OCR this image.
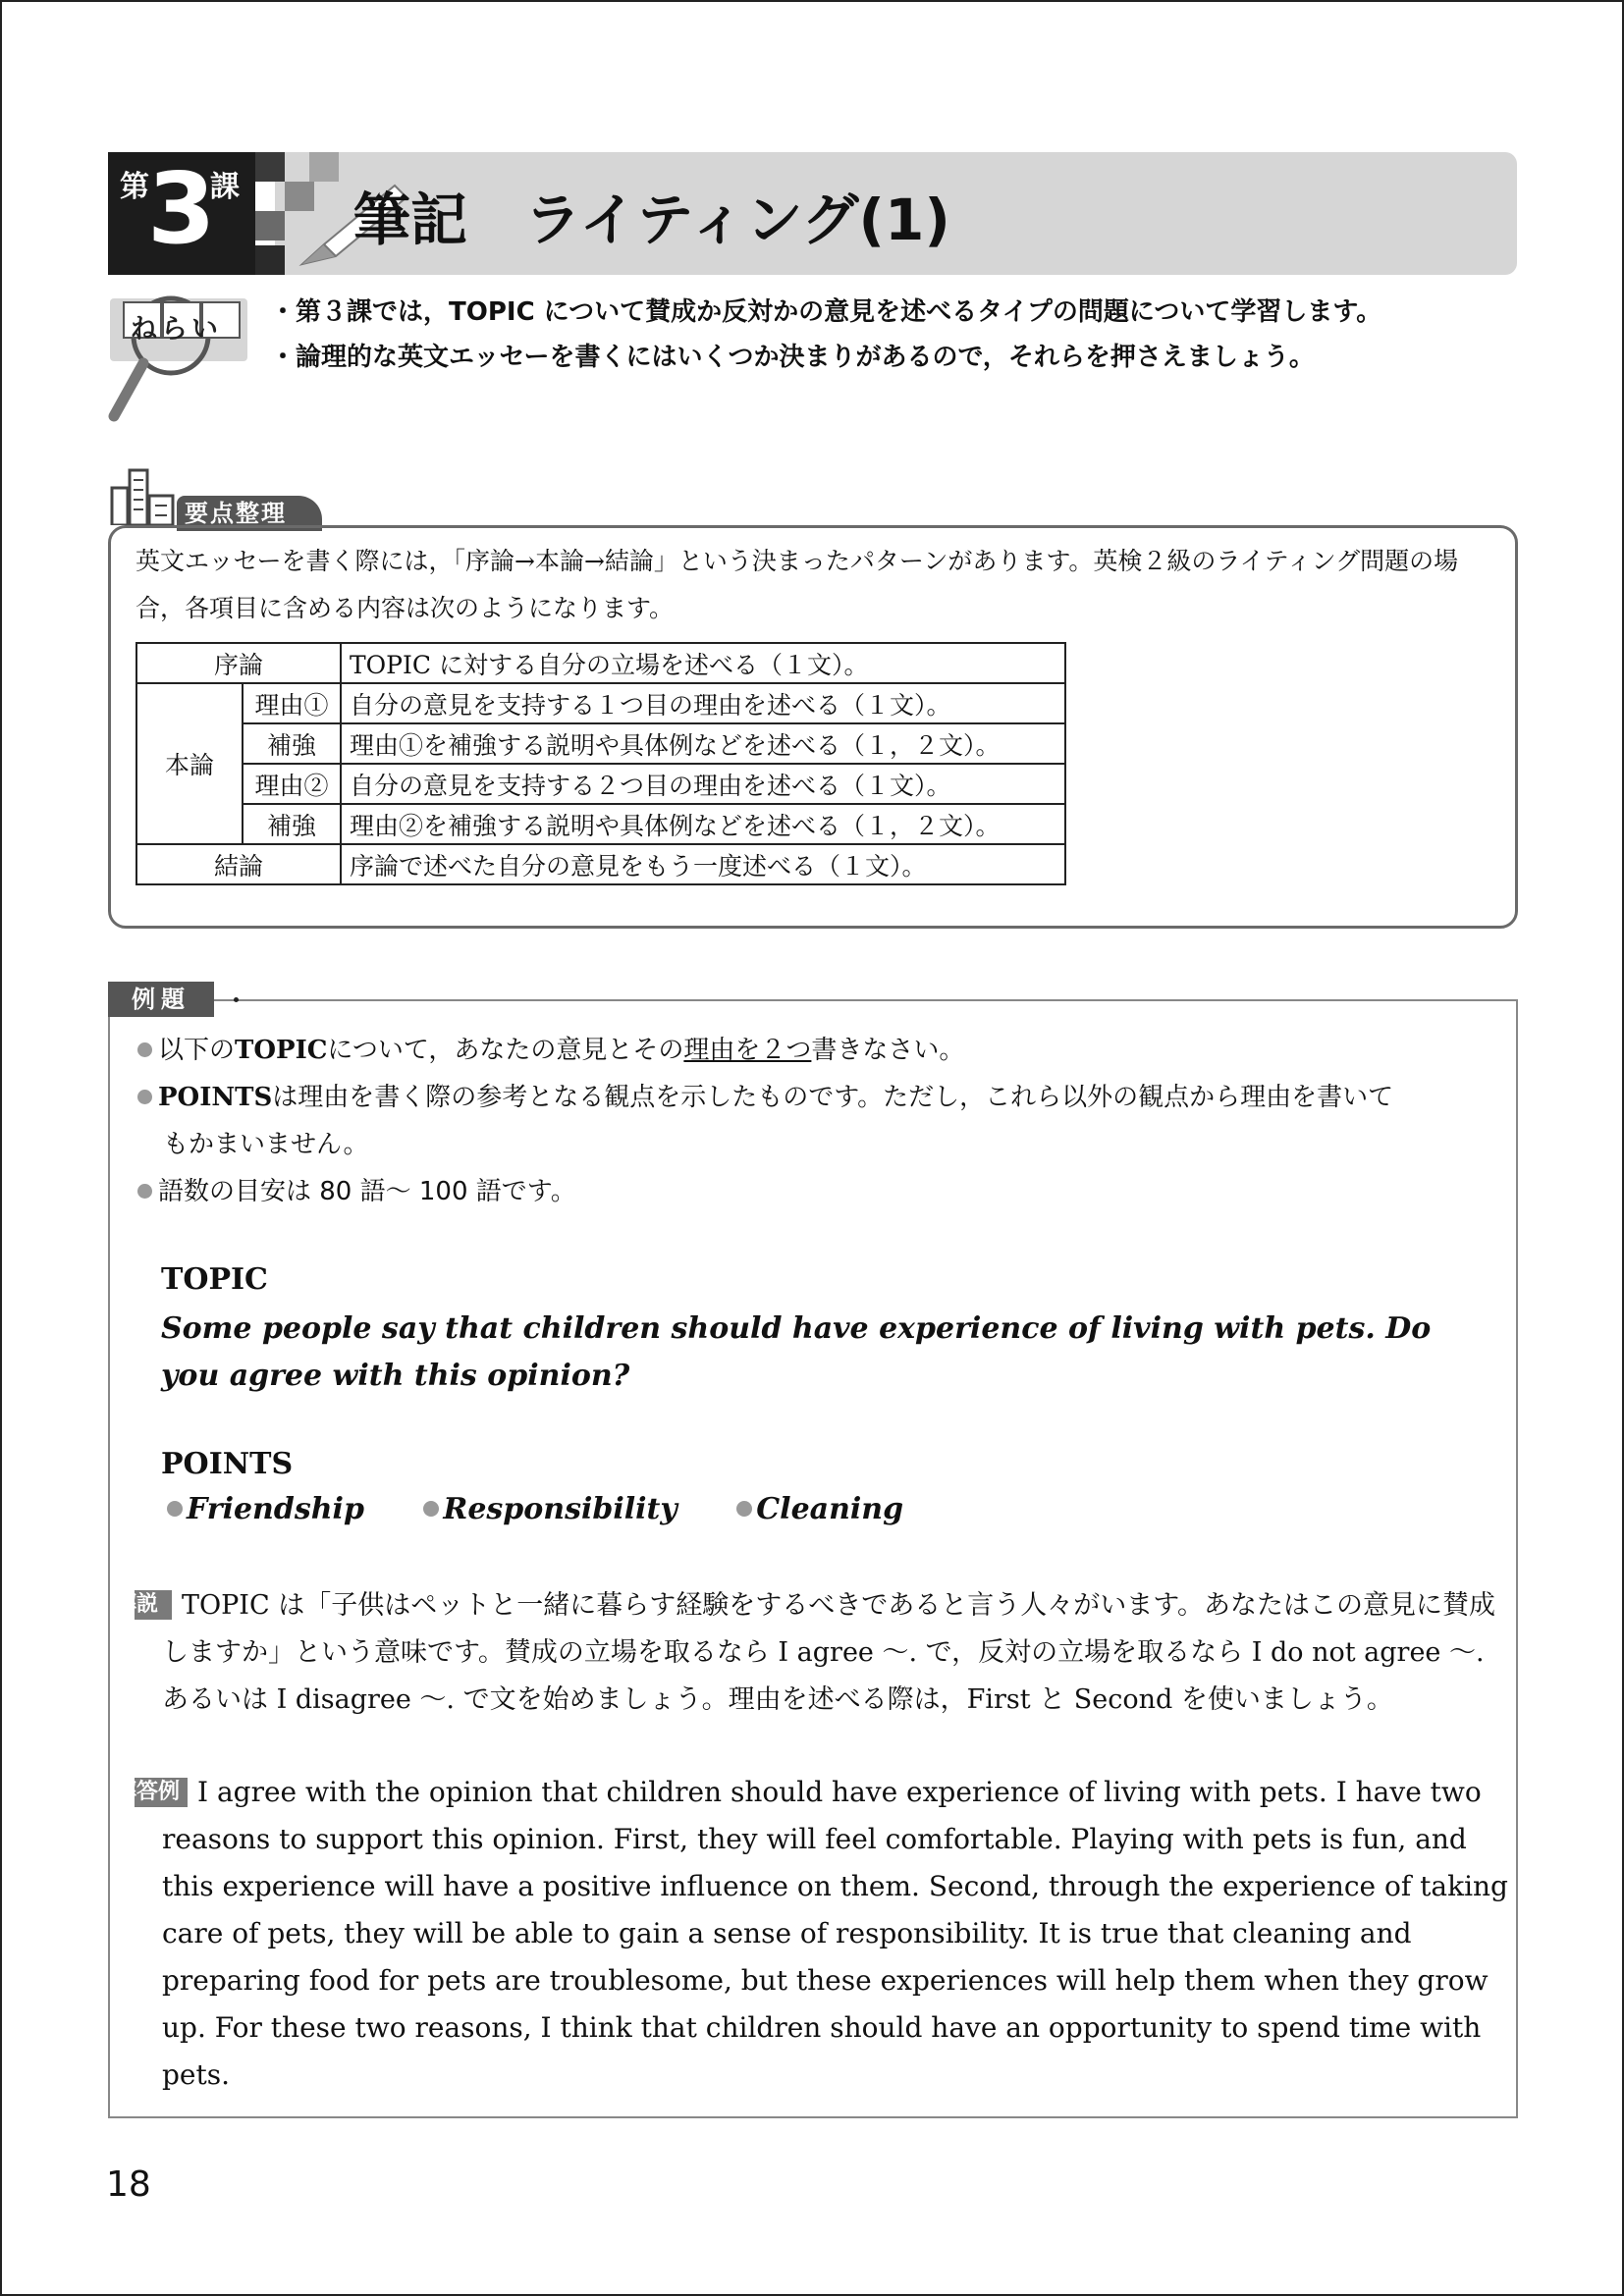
第
3
課 筆記　ライティング(1)
ねらい
・第３課では，TOPIC について賛成か反対かの意見を述べるタイプの問題について学習します。
・論理的な英文エッセーを書くにはいくつか決まりがあるので，それらを押さえましょう。
要点整理

英文エッセーを書く際には，「序論→本論→結論」という決まったパターンがあります。英検２級のライティング問題の場合，各項目に含める内容は次のようになります。

序論		TOPIC に対する自分の立場を述べる（１文）。
本論	理由①	自分の意見を支持する１つ目の理由を述べる（１文）。
	補強	理由①を補強する説明や具体例などを述べる（１，２文）。
	理由②	自分の意見を支持する２つ目の理由を述べる（１文）。
	補強	理由②を補強する説明や具体例などを述べる（１，２文）。
結論		序論で述べた自分の意見をもう一度述べる（１文）。
例題

以下のTOPICについて，あなたの意見とその理由を２つ書きなさい。

POINTSは理由を書く際の参考となる観点を示したものです。ただし，これら以外の観点から理由を書いて
もかまいません。

語数の目安は 80 語～ 100 語です。

TOPIC

Some people say that children should have experience of living with pets. Do you agree with this opinion?

POINTS
Friendship	Responsibility	Cleaning

解説 TOPIC は「子供はペットと一緒に暮らす経験をするべきであると言う人々がいます。あなたはこの意見に賛成しますか」という意味です。賛成の立場を取るなら I agree ～. で，反対の立場を取るなら I do not agree ～. あるいは I disagree ～. で文を始めましょう。理由を述べる際は，First と Second を使いましょう。

解答例 I agree with the opinion that children should have experience of living with pets. I have two reasons to support this opinion. First, they will feel comfortable. Playing with pets is fun, and this experience will have a positive influence on them. Second, through the experience of taking care of pets, they will be able to gain a sense of responsibility. It is true that cleaning and preparing food for pets are troublesome, but these experiences will help them when they grow up. For these two reasons, I think that children should have an opportunity to spend time with pets.

18
